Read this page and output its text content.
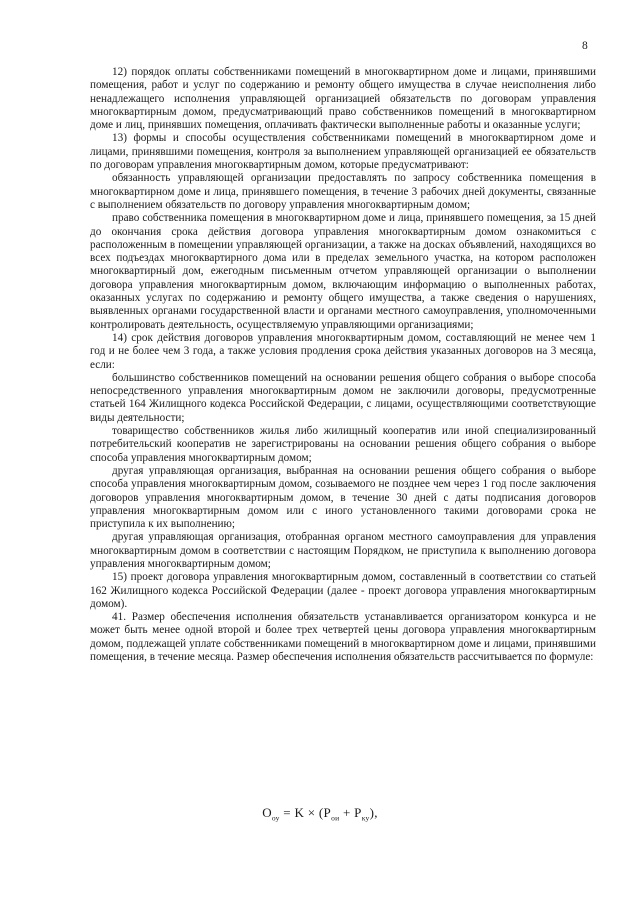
8

12) порядок оплаты собственниками помещений в многоквартирном доме и лицами, принявшими помещения, работ и услуг по содержанию и ремонту общего имущества в случае неисполнения либо ненадлежащего исполнения управляющей организацией обязательств по договорам управления многоквартирным домом, предусматривающий право собственников помещений в многоквартирном доме и лиц, принявших помещения, оплачивать фактически выполненные работы и оказанные услуги;

13) формы и способы осуществления собственниками помещений в многоквартирном доме и лицами, принявшими помещения, контроля за выполнением управляющей организацией ее обязательств по договорам управления многоквартирным домом, которые предусматривают:

обязанность управляющей организации предоставлять по запросу собственника помещения в многоквартирном доме и лица, принявшего помещения, в течение 3 рабочих дней документы, связанные с выполнением обязательств по договору управления многоквартирным домом;

право собственника помещения в многоквартирном доме и лица, принявшего помещения, за 15 дней до окончания срока действия договора управления многоквартирным домом ознакомиться с расположенным в помещении управляющей организации, а также на досках объявлений, находящихся во всех подъездах многоквартирного дома или в пределах земельного участка, на котором расположен многоквартирный дом, ежегодным письменным отчетом управляющей организации о выполнении договора управления многоквартирным домом, включающим информацию о выполненных работах, оказанных услугах по содержанию и ремонту общего имущества, а также сведения о нарушениях, выявленных органами государственной власти и органами местного самоуправления, уполномоченными контролировать деятельность, осуществляемую управляющими организациями;

14) срок действия договоров управления многоквартирным домом, составляющий не менее чем 1 год и не более чем 3 года, а также условия продления срока действия указанных договоров на 3 месяца, если:

большинство собственников помещений на основании решения общего собрания о выборе способа непосредственного управления многоквартирным домом не заключили договоры, предусмотренные статьей 164 Жилищного кодекса Российской Федерации, с лицами, осуществляющими соответствующие виды деятельности;

товарищество собственников жилья либо жилищный кооператив или иной специализированный потребительский кооператив не зарегистрированы на основании решения общего собрания о выборе способа управления многоквартирным домом;

другая управляющая организация, выбранная на основании решения общего собрания о выборе способа управления многоквартирным домом, созываемого не позднее чем через 1 год после заключения договоров управления многоквартирным домом, в течение 30 дней с даты подписания договоров управления многоквартирным домом или с иного установленного такими договорами срока не приступила к их выполнению;

другая управляющая организация, отобранная органом местного самоуправления для управления многоквартирным домом в соответствии с настоящим Порядком, не приступила к выполнению договора управления многоквартирным домом;

15) проект договора управления многоквартирным домом, составленный в соответствии со статьей 162 Жилищного кодекса Российской Федерации (далее - проект договора управления многоквартирным домом).

41. Размер обеспечения исполнения обязательств устанавливается организатором конкурса и не может быть менее одной второй и более трех четвертей цены договора управления многоквартирным домом, подлежащей уплате собственниками помещений в многоквартирном доме и лицами, принявшими помещения, в течение месяца. Размер обеспечения исполнения обязательств рассчитывается по формуле:

$O_{оу} = K \times (P_{ои} + P_{ку})$,
